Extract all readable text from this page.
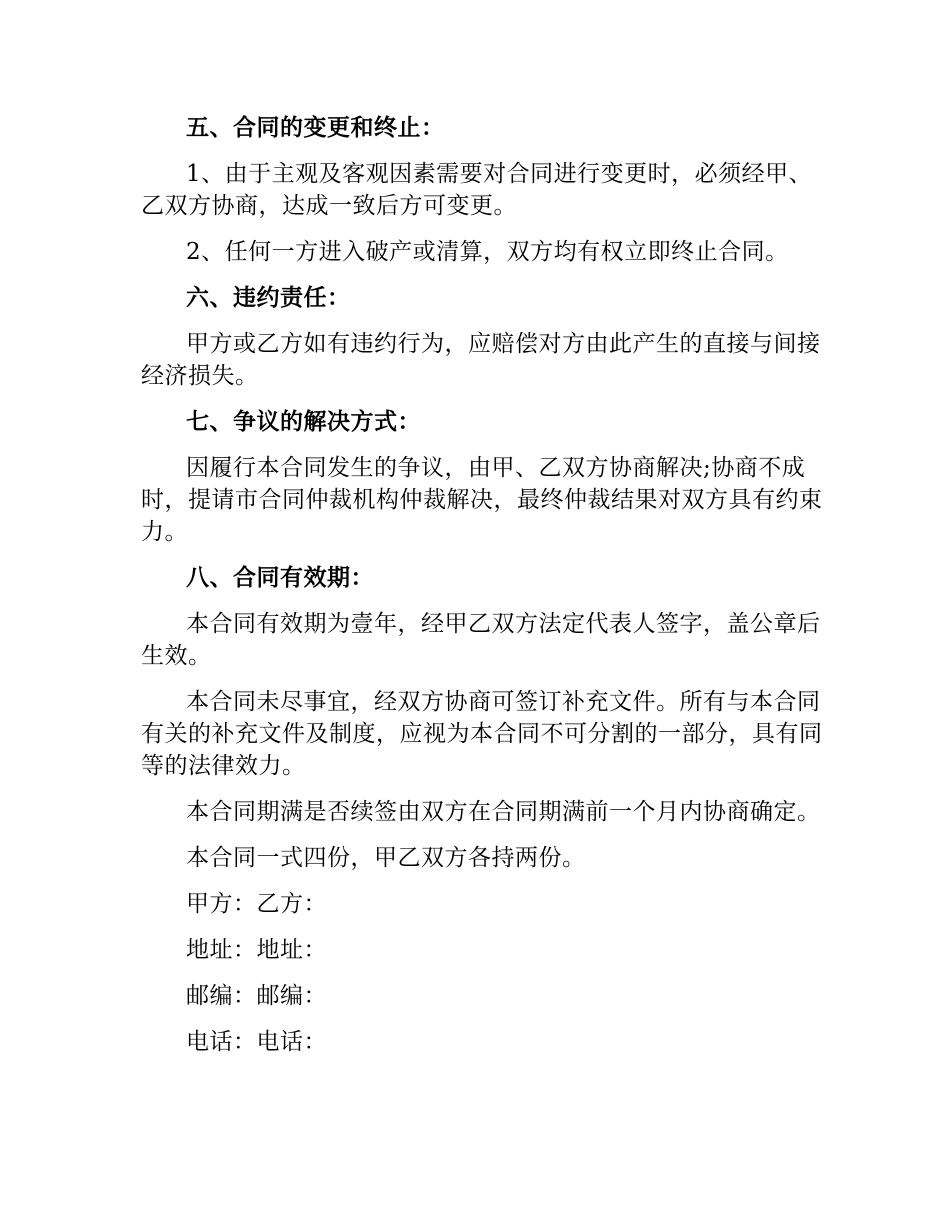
五、合同的变更和终止：

1、由于主观及客观因素需要对合同进行变更时，必须经甲、乙双方协商，达成一致后方可变更。

2、任何一方进入破产或清算，双方均有权立即终止合同。

六、违约责任：

甲方或乙方如有违约行为，应赔偿对方由此产生的直接与间接经济损失。

七、争议的解决方式：

因履行本合同发生的争议，由甲、乙双方协商解决;协商不成时，提请市合同仲裁机构仲裁解决，最终仲裁结果对双方具有约束力。

八、合同有效期：

本合同有效期为壹年，经甲乙双方法定代表人签字，盖公章后生效。

本合同未尽事宜，经双方协商可签订补充文件。所有与本合同有关的补充文件及制度，应视为本合同不可分割的一部分，具有同等的法律效力。

本合同期满是否续签由双方在合同期满前一个月内协商确定。

本合同一式四份，甲乙双方各持两份。

甲方：乙方：

地址：地址：

邮编：邮编：

电话：电话：
